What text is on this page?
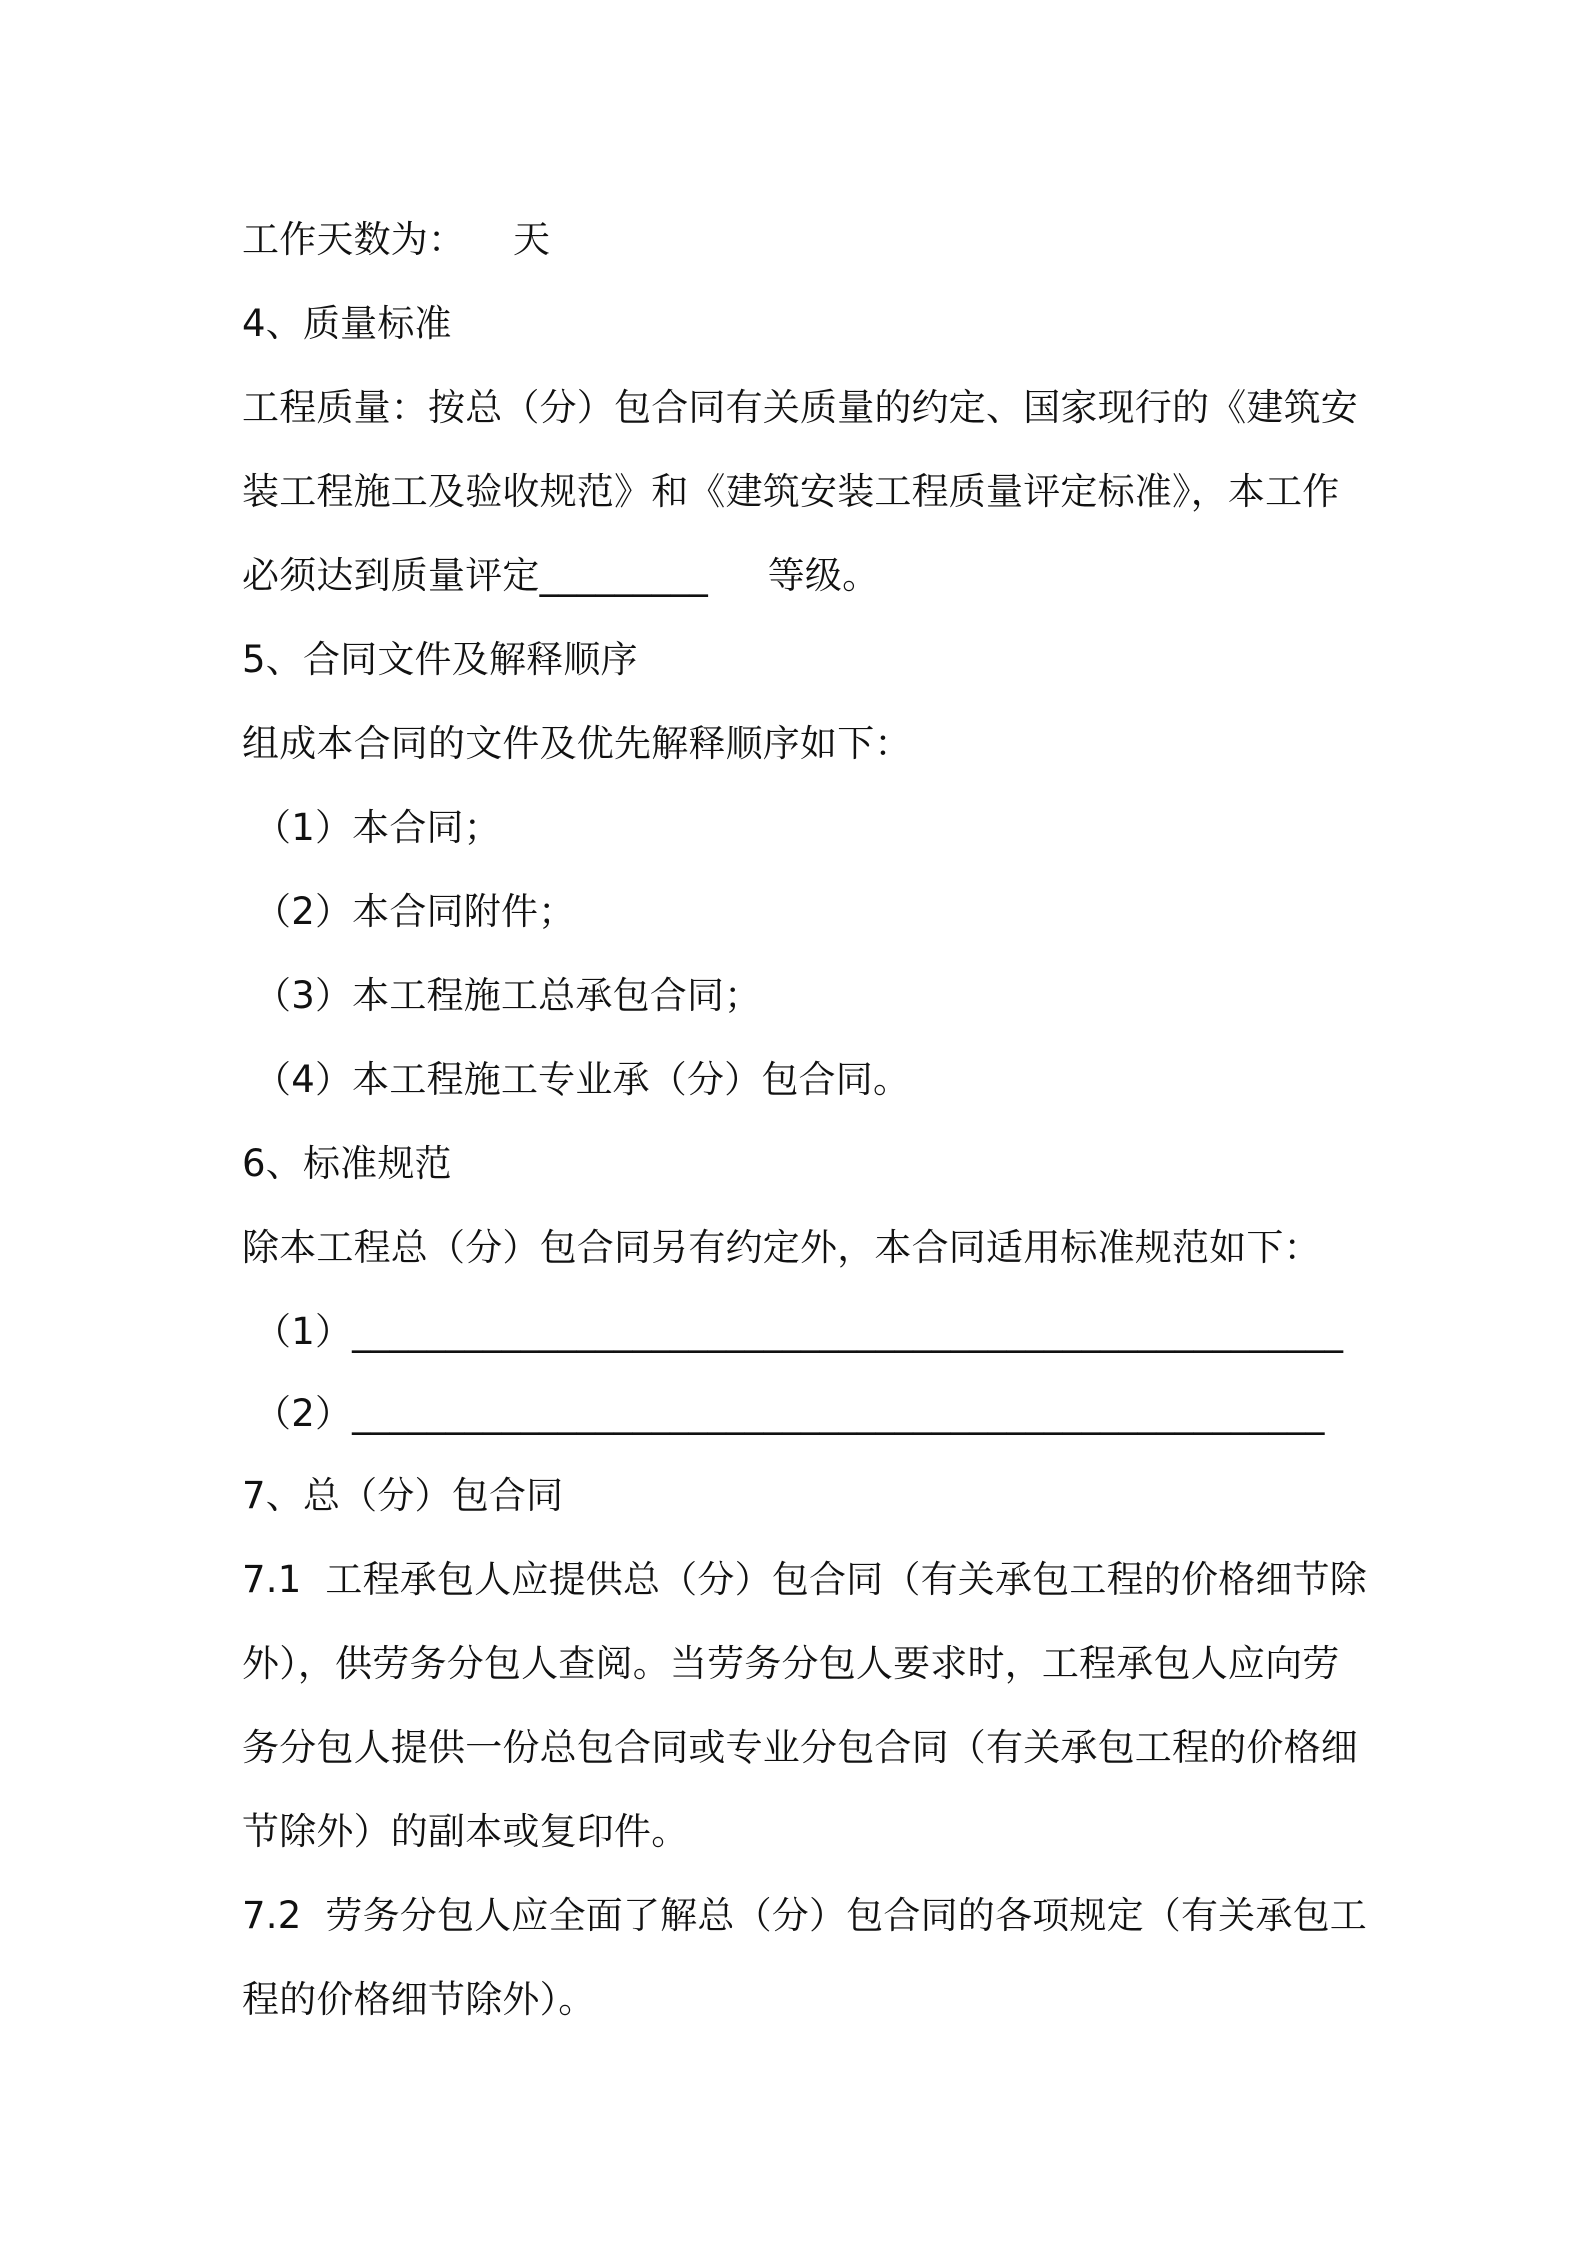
工作天数为：    天
4、质量标准
工程质量：按总（分）包合同有关质量的约定、国家现行的《建筑安
装工程施工及验收规范》和《建筑安装工程质量评定标准》，本工作
必须达到质量评定_________     等级。
5、合同文件及解释顺序
组成本合同的文件及优先解释顺序如下：
（1）本合同；
（2）本合同附件；
（3）本工程施工总承包合同；
（4）本工程施工专业承（分）包合同。
6、标准规范
除本工程总（分）包合同另有约定外，本合同适用标准规范如下：
（1）_____________________________________________________
（2）____________________________________________________
7、总（分）包合同
7.1  工程承包人应提供总（分）包合同（有关承包工程的价格细节除
外），供劳务分包人查阅。当劳务分包人要求时，工程承包人应向劳
务分包人提供一份总包合同或专业分包合同（有关承包工程的价格细
节除外）的副本或复印件。
7.2  劳务分包人应全面了解总（分）包合同的各项规定（有关承包工
程的价格细节除外）。
